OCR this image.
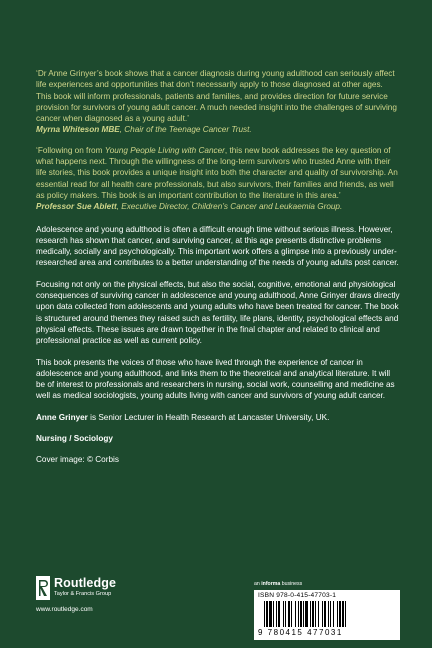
‘Dr Anne Grinyer’s book shows that a cancer diagnosis during young adulthood can seriously affect life experiences and opportunities that don’t necessarily apply to those diagnosed at other ages. This book will inform professionals, patients and families, and provides direction for future service provision for survivors of young adult cancer. A much needed insight into the challenges of surviving cancer when diagnosed as a young adult.’

Myrna Whiteson MBE, Chair of the Teenage Cancer Trust.

‘Following on from Young People Living with Cancer, this new book addresses the key question of what happens next. Through the willingness of the long-term survivors who trusted Anne with their life stories, this book provides a unique insight into both the character and quality of survivorship. An essential read for all health care professionals, but also survivors, their families and friends, as well as policy makers. This book is an important contribution to the literature in this area.’

Professor Sue Ablett, Executive Director, Children’s Cancer and Leukaemia Group.

Adolescence and young adulthood is often a difficult enough time without serious illness. However, research has shown that cancer, and surviving cancer, at this age presents distinctive problems medically, socially and psychologically. This important work offers a glimpse into a previously under-researched area and contributes to a better understanding of the needs of young adults post cancer.

Focusing not only on the physical effects, but also the social, cognitive, emotional and physiological consequences of surviving cancer in adolescence and young adulthood, Anne Grinyer draws directly upon data collected from adolescents and young adults who have been treated for cancer. The book is structured around themes they raised such as fertility, life plans, identity, psychological effects and physical effects. These issues are drawn together in the final chapter and related to clinical and professional practice as well as current policy.

This book presents the voices of those who have lived through the experience of cancer in adolescence and young adulthood, and links them to the theoretical and analytical literature. It will be of interest to professionals and researchers in nursing, social work, counselling and medicine as well as medical sociologists, young adults living with cancer and survivors of young adult cancer.

Anne Grinyer is Senior Lecturer in Health Research at Lancaster University, UK.

Nursing / Sociology

Cover image: © Corbis

Routledge
Taylor & Francis Group
www.routledge.com
an informa business
ISBN 978-0-415-47703-1
9 780415 477031
